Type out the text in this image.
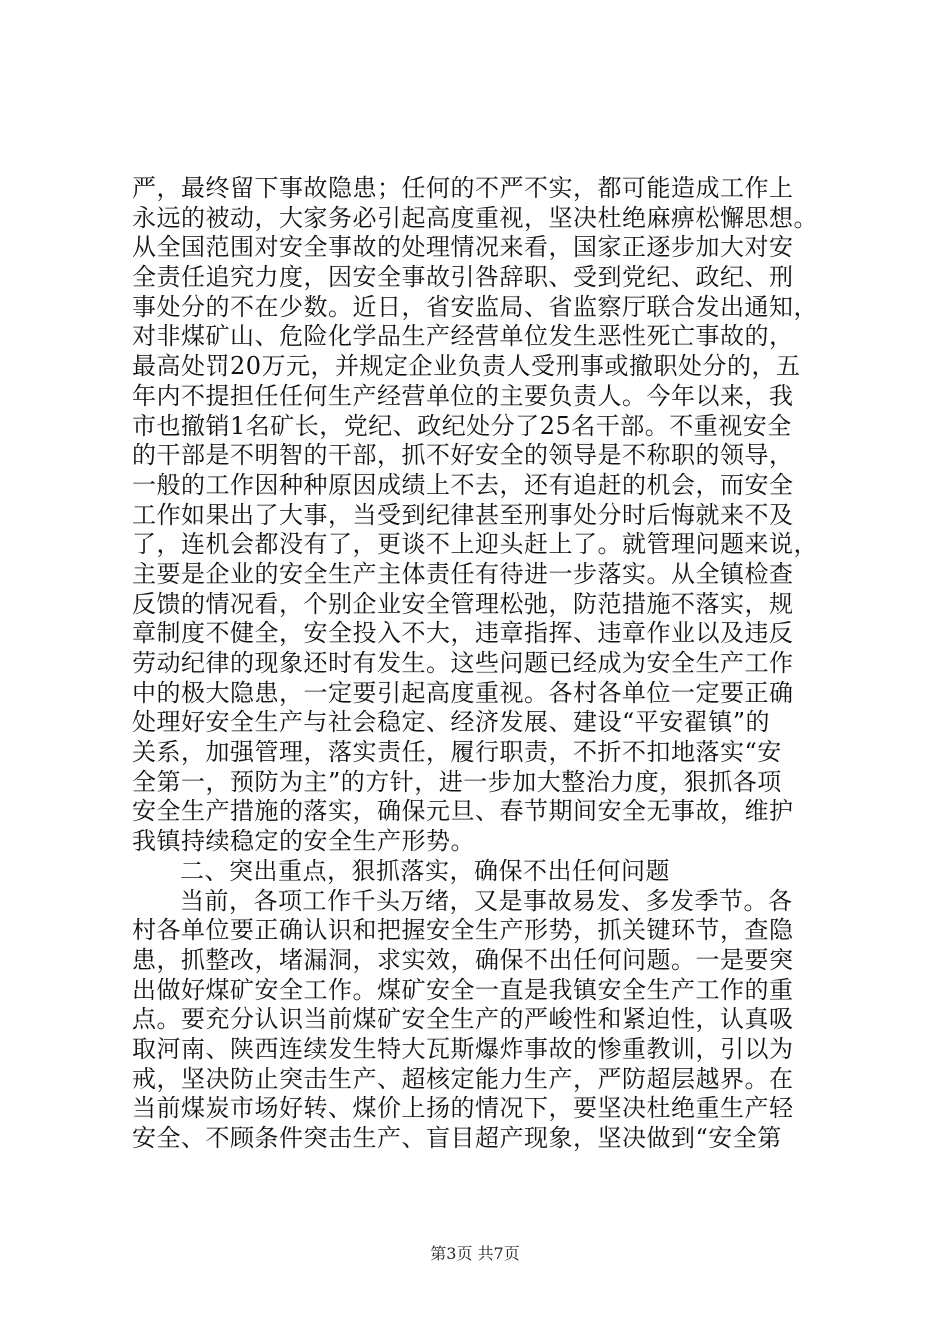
严，最终留下事故隐患；任何的不严不实，都可能造成工作上
永远的被动，大家务必引起高度重视，坚决杜绝麻痹松懈思想。
从全国范围对安全事故的处理情况来看，国家正逐步加大对安
全责任追究力度，因安全事故引咎辞职、受到党纪、政纪、刑
事处分的不在少数。近日，省安监局、省监察厅联合发出通知，
对非煤矿山、危险化学品生产经营单位发生恶性死亡事故的，
最高处罚20万元，并规定企业负责人受刑事或撤职处分的，五
年内不提担任任何生产经营单位的主要负责人。今年以来，我
市也撤销1名矿长，党纪、政纪处分了25名干部。不重视安全
的干部是不明智的干部，抓不好安全的领导是不称职的领导，
一般的工作因种种原因成绩上不去，还有追赶的机会，而安全
工作如果出了大事，当受到纪律甚至刑事处分时后悔就来不及
了，连机会都没有了，更谈不上迎头赶上了。就管理问题来说，
主要是企业的安全生产主体责任有待进一步落实。从全镇检查
反馈的情况看，个别企业安全管理松弛，防范措施不落实，规
章制度不健全，安全投入不大，违章指挥、违章作业以及违反
劳动纪律的现象还时有发生。这些问题已经成为安全生产工作
中的极大隐患，一定要引起高度重视。各村各单位一定要正确
处理好安全生产与社会稳定、经济发展、建设“平安翟镇”的
关系，加强管理，落实责任，履行职责，不折不扣地落实“安
全第一，预防为主”的方针，进一步加大整治力度，狠抓各项
安全生产措施的落实，确保元旦、春节期间安全无事故，维护
我镇持续稳定的安全生产形势。
二、突出重点，狠抓落实，确保不出任何问题
当前，各项工作千头万绪，又是事故易发、多发季节。各
村各单位要正确认识和把握安全生产形势，抓关键环节，查隐
患，抓整改，堵漏洞，求实效，确保不出任何问题。一是要突
出做好煤矿安全工作。煤矿安全一直是我镇安全生产工作的重
点。要充分认识当前煤矿安全生产的严峻性和紧迫性，认真吸
取河南、陕西连续发生特大瓦斯爆炸事故的惨重教训，引以为
戒，坚决防止突击生产、超核定能力生产，严防超层越界。在
当前煤炭市场好转、煤价上扬的情况下，要坚决杜绝重生产轻
安全、不顾条件突击生产、盲目超产现象，坚决做到“安全第
第3页 共7页
